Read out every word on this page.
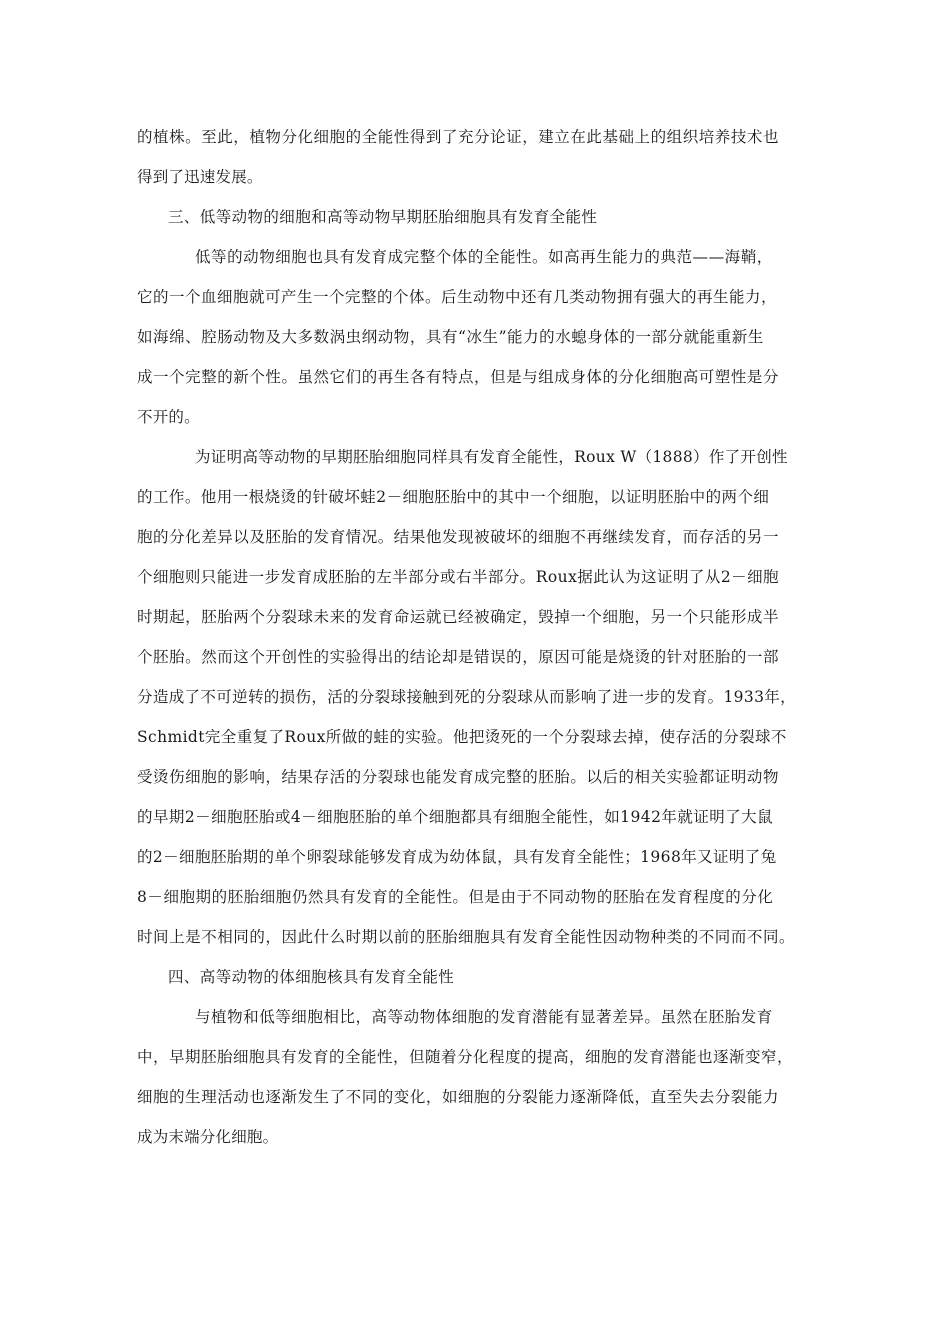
的植株。至此，植物分化细胞的全能性得到了充分论证，建立在此基础上的组织培养技术也
得到了迅速发展。
三、低等动物的细胞和高等动物早期胚胎细胞具有发育全能性
低等的动物细胞也具有发育成完整个体的全能性。如高再生能力的典范——海鞘，
它的一个血细胞就可产生一个完整的个体。后生动物中还有几类动物拥有强大的再生能力，
如海绵、腔肠动物及大多数涡虫纲动物，具有“冰生”能力的水螅身体的一部分就能重新生
成一个完整的新个性。虽然它们的再生各有特点，但是与组成身体的分化细胞高可塑性是分
不开的。
为证明高等动物的早期胚胎细胞同样具有发育全能性，Roux W（1888）作了开创性
的工作。他用一根烧烫的针破坏蛙2－细胞胚胎中的其中一个细胞，以证明胚胎中的两个细
胞的分化差异以及胚胎的发育情况。结果他发现被破坏的细胞不再继续发育，而存活的另一
个细胞则只能进一步发育成胚胎的左半部分或右半部分。Roux据此认为这证明了从2－细胞
时期起，胚胎两个分裂球未来的发育命运就已经被确定，毁掉一个细胞，另一个只能形成半
个胚胎。然而这个开创性的实验得出的结论却是错误的，原因可能是烧烫的针对胚胎的一部
分造成了不可逆转的损伤，活的分裂球接触到死的分裂球从而影响了进一步的发育。1933年，
Schmidt完全重复了Roux所做的蛙的实验。他把烫死的一个分裂球去掉，使存活的分裂球不
受烫伤细胞的影响，结果存活的分裂球也能发育成完整的胚胎。以后的相关实验都证明动物
的早期2－细胞胚胎或4－细胞胚胎的单个细胞都具有细胞全能性，如1942年就证明了大鼠
的2－细胞胚胎期的单个卵裂球能够发育成为幼体鼠，具有发育全能性；1968年又证明了兔
8－细胞期的胚胎细胞仍然具有发育的全能性。但是由于不同动物的胚胎在发育程度的分化
时间上是不相同的，因此什么时期以前的胚胎细胞具有发育全能性因动物种类的不同而不同。
四、高等动物的体细胞核具有发育全能性
与植物和低等细胞相比，高等动物体细胞的发育潜能有显著差异。虽然在胚胎发育
中，早期胚胎细胞具有发育的全能性，但随着分化程度的提高，细胞的发育潜能也逐渐变窄，
细胞的生理活动也逐渐发生了不同的变化，如细胞的分裂能力逐渐降低，直至失去分裂能力
成为末端分化细胞。
